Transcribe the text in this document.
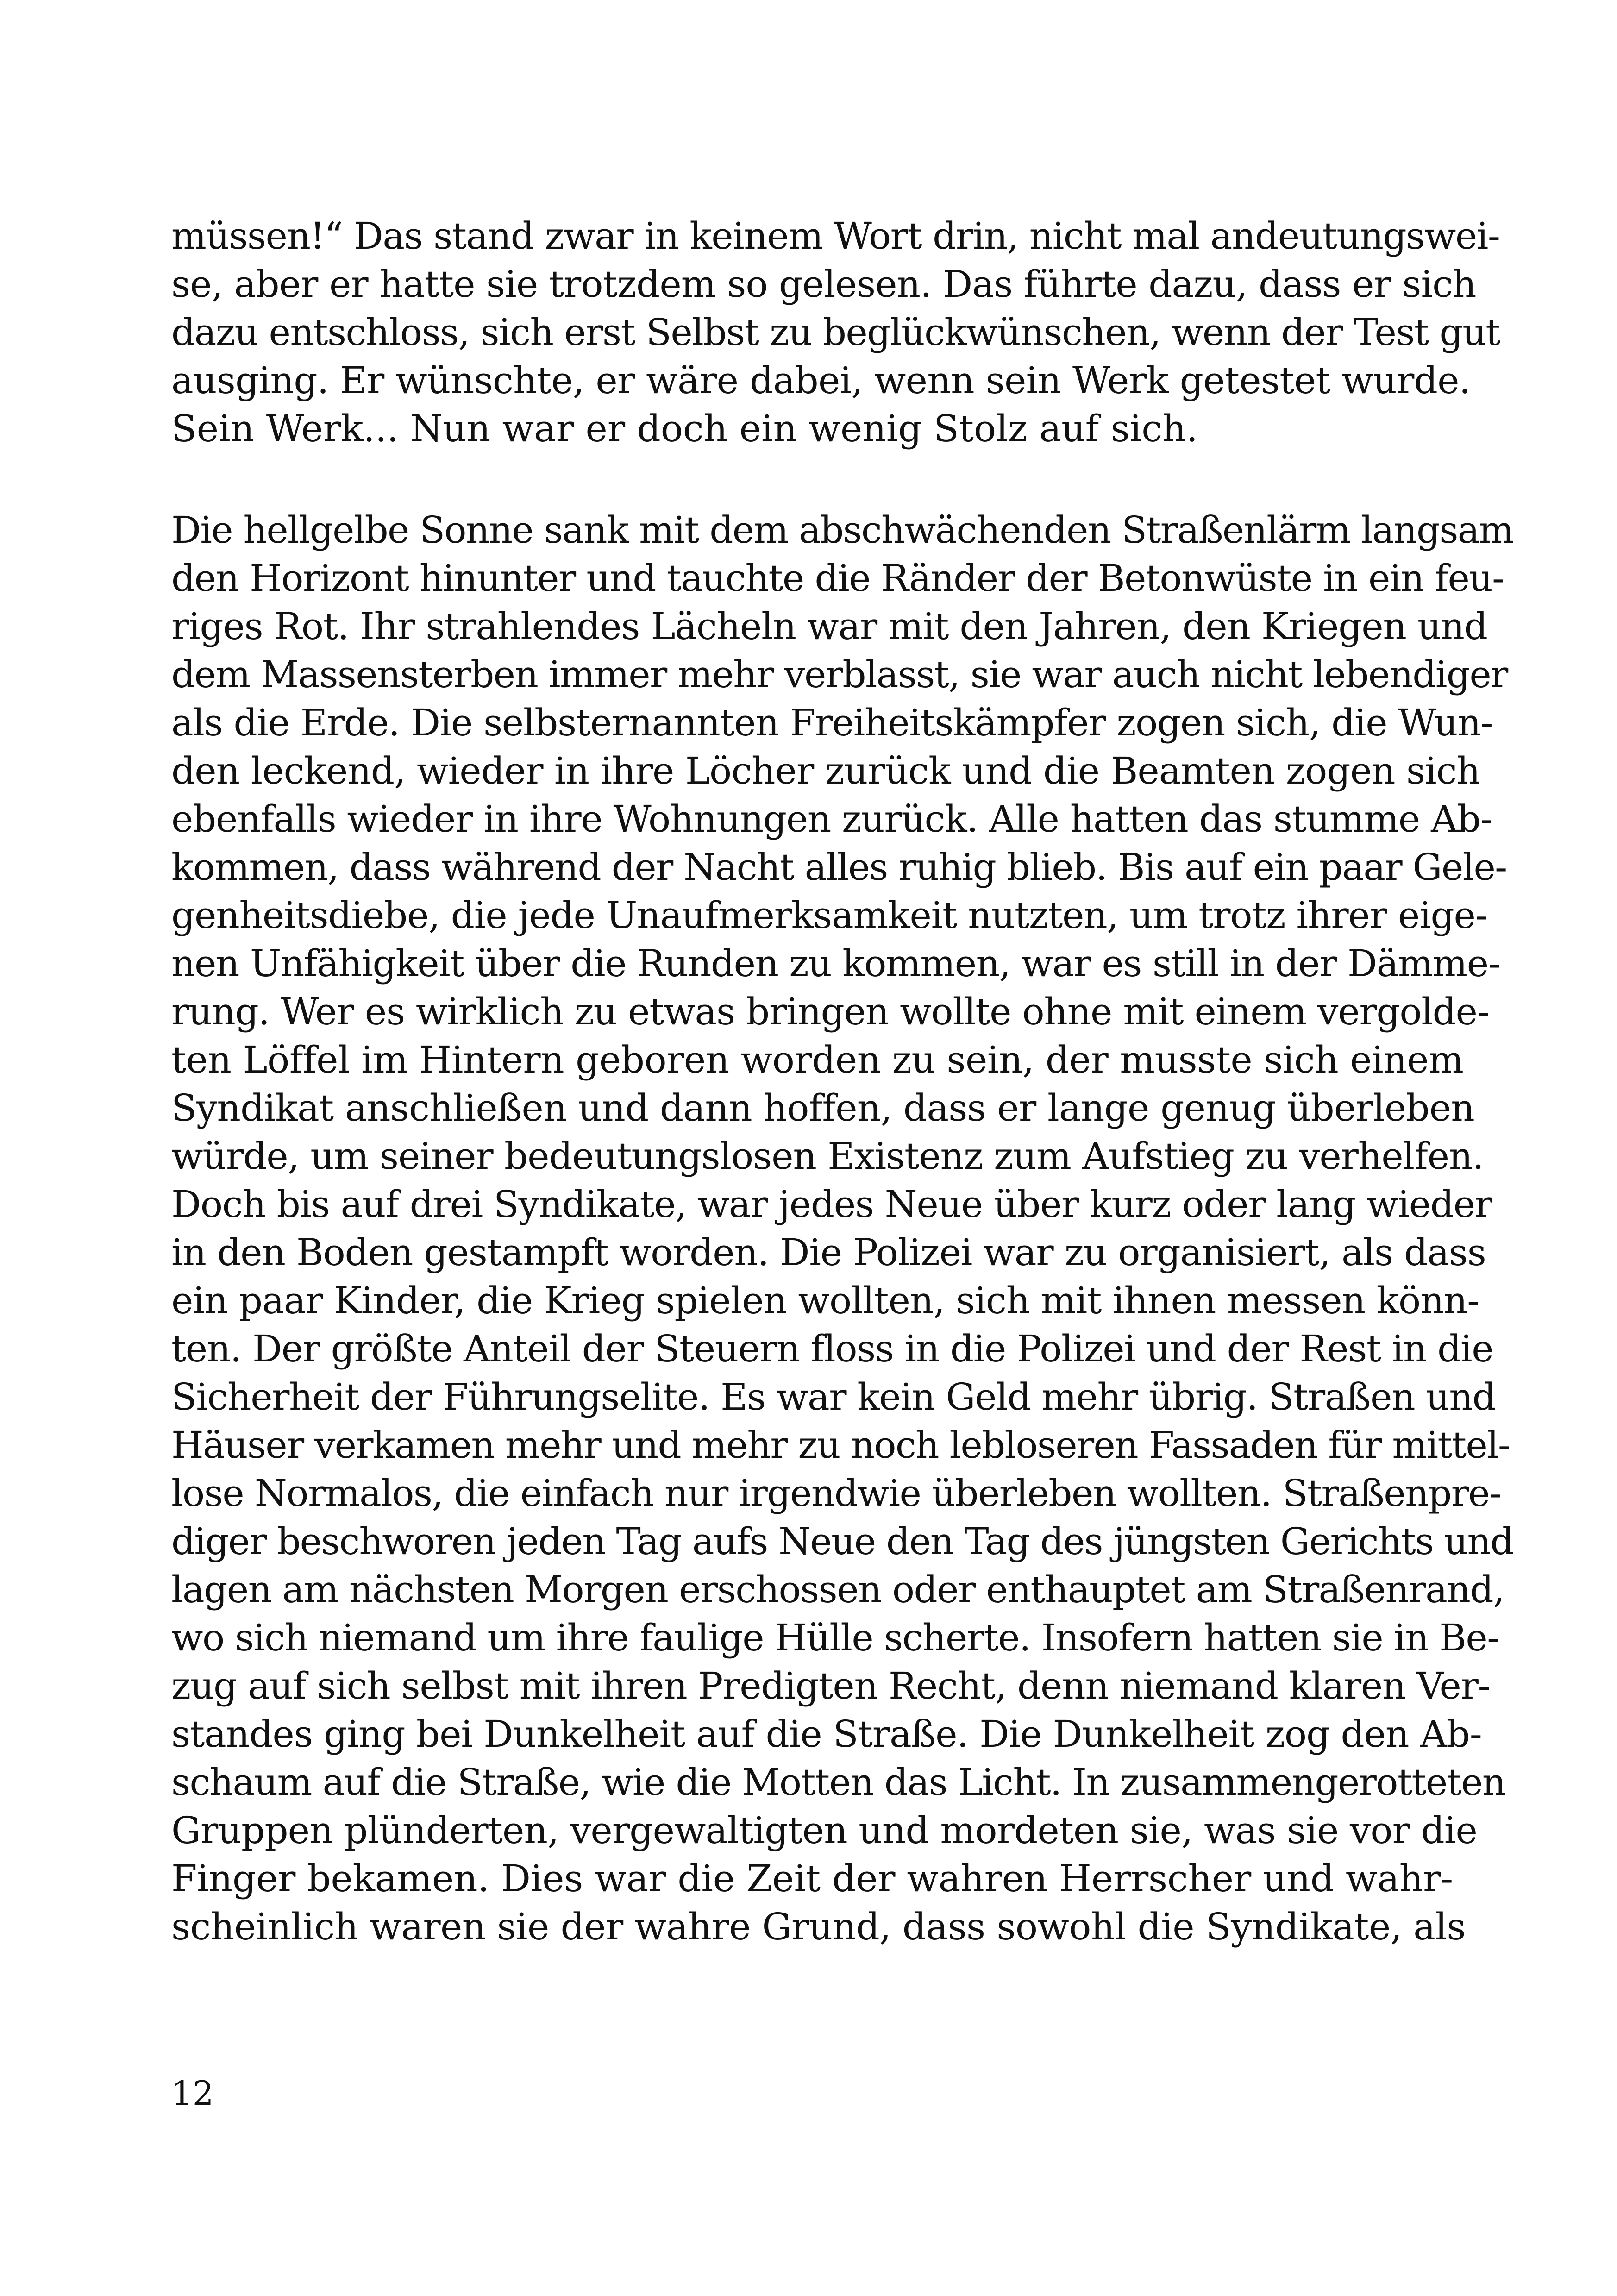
müssen!“ Das stand zwar in keinem Wort drin, nicht mal andeutungswei-
se, aber er hatte sie trotzdem so gelesen. Das führte dazu, dass er sich
dazu entschloss, sich erst Selbst zu beglückwünschen, wenn der Test gut
ausging. Er wünschte, er wäre dabei, wenn sein Werk getestet wurde.
Sein Werk... Nun war er doch ein wenig Stolz auf sich.
Die hellgelbe Sonne sank mit dem abschwächenden Straßenlärm langsam
den Horizont hinunter und tauchte die Ränder der Betonwüste in ein feu-
riges Rot. Ihr strahlendes Lächeln war mit den Jahren, den Kriegen und
dem Massensterben immer mehr verblasst, sie war auch nicht lebendiger
als die Erde. Die selbsternannten Freiheitskämpfer zogen sich, die Wun-
den leckend, wieder in ihre Löcher zurück und die Beamten zogen sich
ebenfalls wieder in ihre Wohnungen zurück. Alle hatten das stumme Ab-
kommen, dass während der Nacht alles ruhig blieb. Bis auf ein paar Gele-
genheitsdiebe, die jede Unaufmerksamkeit nutzten, um trotz ihrer eige-
nen Unfähigkeit über die Runden zu kommen, war es still in der Dämme-
rung. Wer es wirklich zu etwas bringen wollte ohne mit einem vergolde-
ten Löffel im Hintern geboren worden zu sein, der musste sich einem
Syndikat anschließen und dann hoffen, dass er lange genug überleben
würde, um seiner bedeutungslosen Existenz zum Aufstieg zu verhelfen.
Doch bis auf drei Syndikate, war jedes Neue über kurz oder lang wieder
in den Boden gestampft worden. Die Polizei war zu organisiert, als dass
ein paar Kinder, die Krieg spielen wollten, sich mit ihnen messen könn-
ten. Der größte Anteil der Steuern floss in die Polizei und der Rest in die
Sicherheit der Führungselite. Es war kein Geld mehr übrig. Straßen und
Häuser verkamen mehr und mehr zu noch lebloseren Fassaden für mittel-
lose Normalos, die einfach nur irgendwie überleben wollten. Straßenpre-
diger beschworen jeden Tag aufs Neue den Tag des jüngsten Gerichts und
lagen am nächsten Morgen erschossen oder enthauptet am Straßenrand,
wo sich niemand um ihre faulige Hülle scherte. Insofern hatten sie in Be-
zug auf sich selbst mit ihren Predigten Recht, denn niemand klaren Ver-
standes ging bei Dunkelheit auf die Straße. Die Dunkelheit zog den Ab-
schaum auf die Straße, wie die Motten das Licht. In zusammengerotteten
Gruppen plünderten, vergewaltigten und mordeten sie, was sie vor die
Finger bekamen. Dies war die Zeit der wahren Herrscher und wahr-
scheinlich waren sie der wahre Grund, dass sowohl die Syndikate, als
12
